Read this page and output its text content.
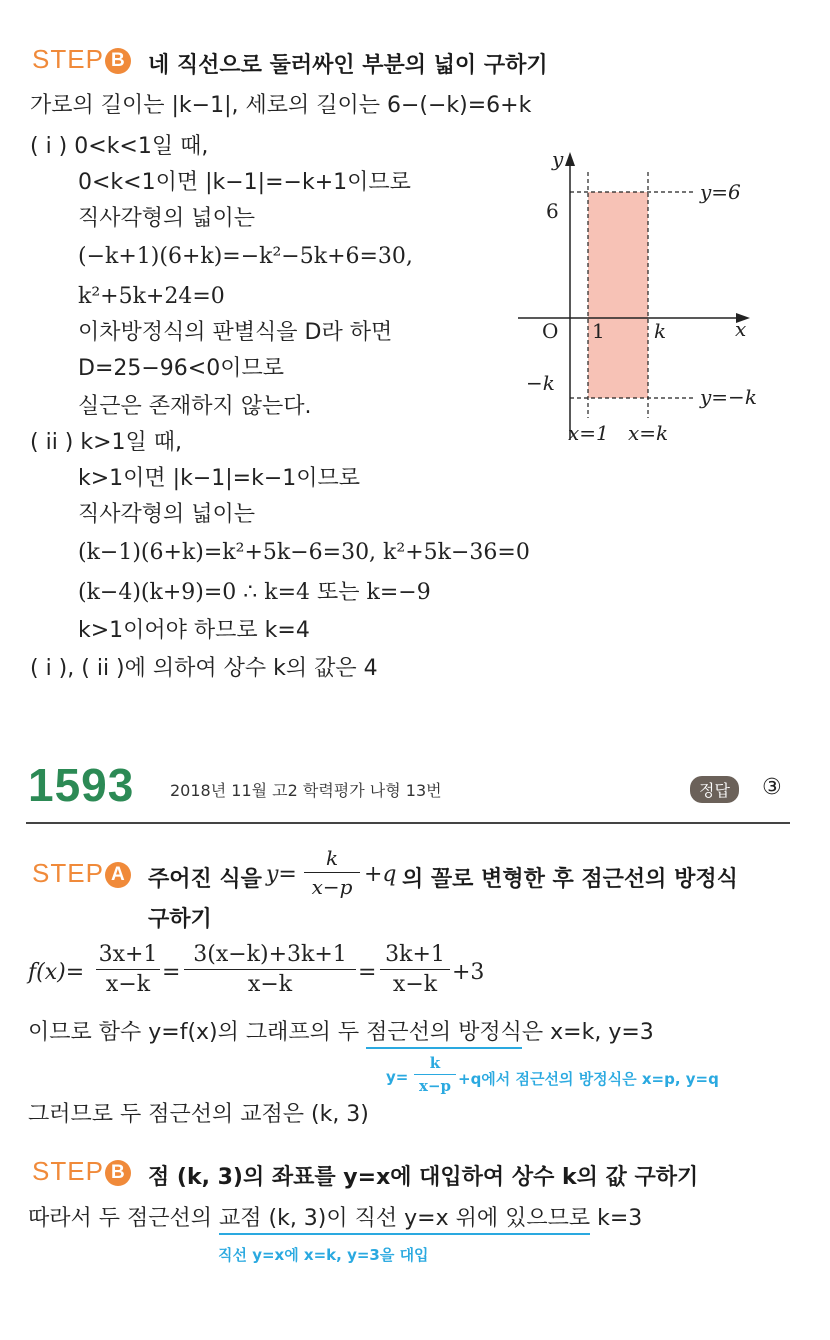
STEP B 네 직선으로 둘러싸인 부분의 넓이 구하기
가로의 길이는 |k−1|, 세로의 길이는 6−(−k)=6+k
( i ) 0<k<1일 때,
0<k<1이면 |k−1|=−k+1이므로
직사각형의 넓이는
(−k+1)(6+k)=−k²−5k+6=30,
k²+5k+24=0
이차방정식의 판별식을 D라 하면
D=25−96<0이므로
실근은 존재하지 않는다.
( ii ) k>1일 때,
k>1이면 |k−1|=k−1이므로
직사각형의 넓이는
(k−1)(6+k)=k²+5k−6=30, k²+5k−36=0
(k−4)(k+9)=0 ∴ k=4 또는 k=−9
k>1이어야 하므로 k=4
( i ), ( ii )에 의하여 상수 k의 값은 4
y
x
O
6
−k
1 k
y=6
y=−k
x=1 x=k
1593 2018년 11월 고2 학력평가 나형 13번	정답	③
STEP A 주어진 식을 $y= \frac{k}{x-p} +q$ 의 꼴로 변형한 후 점근선의 방정식
구하기
$f(x)= \frac{3x+1}{x-k} = \frac{3(x-k)+3k+1}{x-k} = \frac{3k+1}{x-k} +3$
이므로 함수 y=f(x)의 그래프의 두 점근선의 방정식은 x=k, y=3
$y= \frac{k}{x-p} +q$에서 점근선의 방정식은 x=p, y=q
그러므로 두 점근선의 교점은 (k, 3)
STEP B 점 (k, 3)의 좌표를 y=x에 대입하여 상수 k의 값 구하기
따라서 두 점근선의 교점 (k, 3)이 직선 y=x 위에 있으므로 k=3
직선 y=x에 x=k, y=3을 대입
